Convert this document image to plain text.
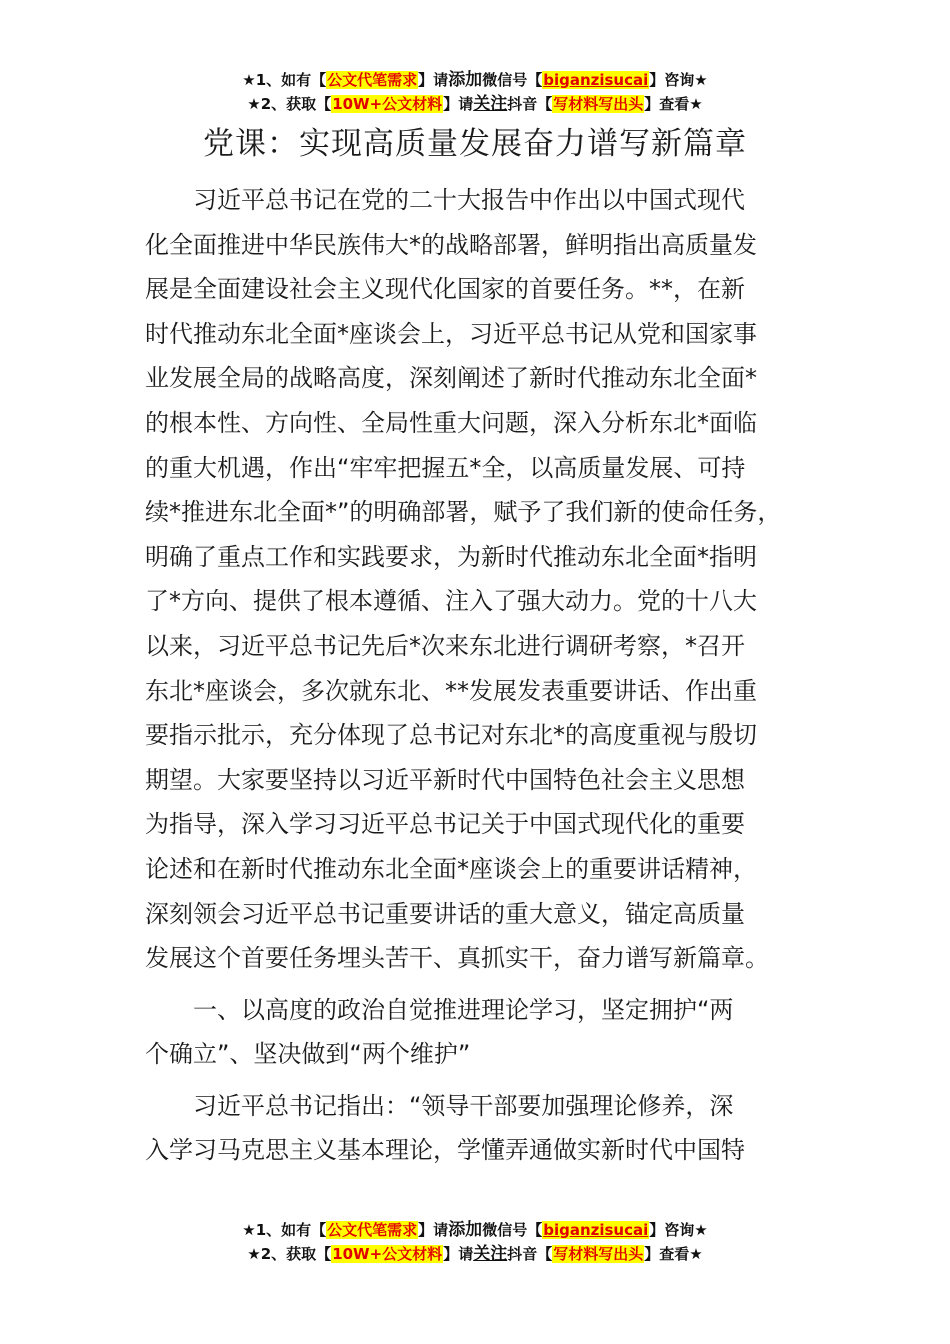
★1、如有【公文代笔需求】请添加微信号【biganzisucai】咨询★
★2、获取【10W+公文材料】请关注抖音【写材料写出头】查看★
党课：实现高质量发展奋力谱写新篇章
习近平总书记在党的二十大报告中作出以中国式现代
化全面推进中华民族伟大*的战略部署，鲜明指出高质量发
展是全面建设社会主义现代化国家的首要任务。**，在新
时代推动东北全面*座谈会上，习近平总书记从党和国家事
业发展全局的战略高度，深刻阐述了新时代推动东北全面*
的根本性、方向性、全局性重大问题，深入分析东北*面临
的重大机遇，作出“牢牢把握五*全，以高质量发展、可持
续*推进东北全面*”的明确部署，赋予了我们新的使命任务，
明确了重点工作和实践要求，为新时代推动东北全面*指明
了*方向、提供了根本遵循、注入了强大动力。党的十八大
以来，习近平总书记先后*次来东北进行调研考察，*召开
东北*座谈会，多次就东北、**发展发表重要讲话、作出重
要指示批示，充分体现了总书记对东北*的高度重视与殷切
期望。大家要坚持以习近平新时代中国特色社会主义思想
为指导，深入学习习近平总书记关于中国式现代化的重要
论述和在新时代推动东北全面*座谈会上的重要讲话精神，
深刻领会习近平总书记重要讲话的重大意义，锚定高质量
发展这个首要任务埋头苦干、真抓实干，奋力谱写新篇章。
一、以高度的政治自觉推进理论学习，坚定拥护“两
个确立”、坚决做到“两个维护”
习近平总书记指出：“领导干部要加强理论修养，深
入学习马克思主义基本理论，学懂弄通做实新时代中国特
★1、如有【公文代笔需求】请添加微信号【biganzisucai】咨询★
★2、获取【10W+公文材料】请关注抖音【写材料写出头】查看★
